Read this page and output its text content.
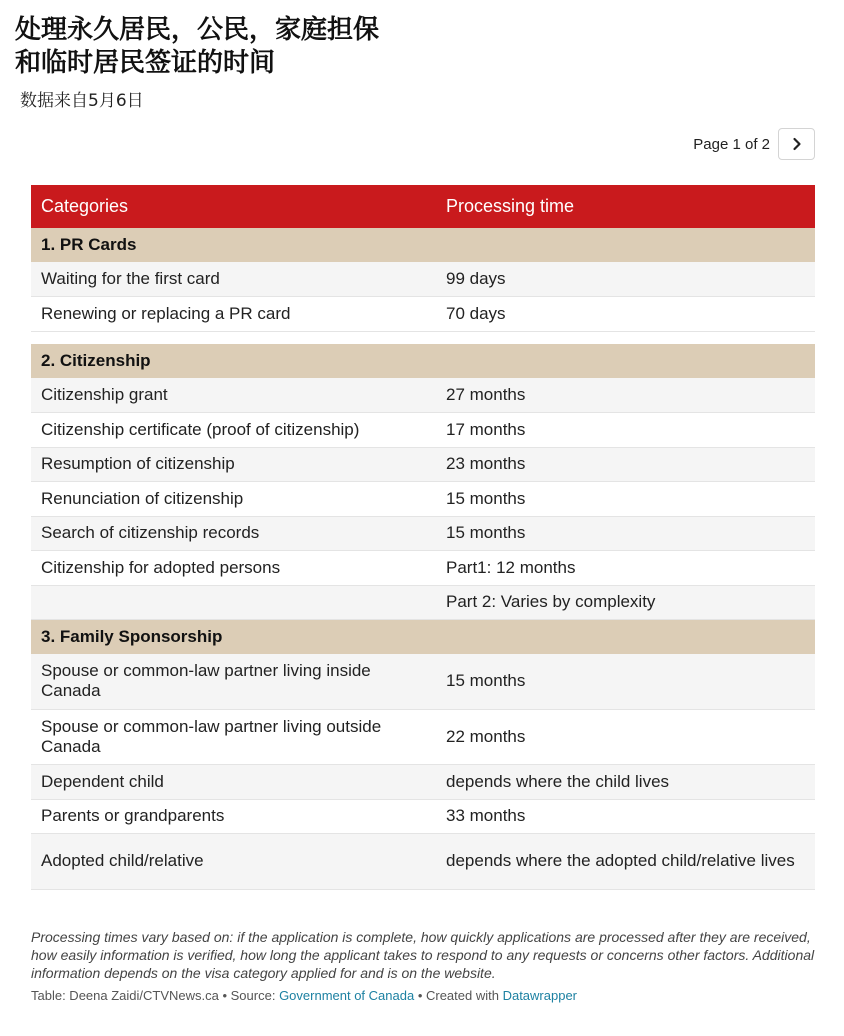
处理永久居民，公民，家庭担保
和临时居民签证的时间
数据来自5月6日
Page 1 of 2
Categories	Processing time
1. PR Cards	
Waiting for the first card	99 days
Renewing or replacing a PR card	70 days

2. Citizenship	
Citizenship grant	27 months
Citizenship certificate (proof of citizenship)	17 months
Resumption of citizenship	23 months
Renunciation of citizenship	15 months
Search of citizenship records	15 months
Citizenship for adopted persons	Part1: 12 months
	Part 2: Varies by complexity
3. Family Sponsorship	
Spouse or common-law partner living inside Canada	15 months
Spouse or common-law partner living outside Canada	22 months
Dependent child	depends where the child lives
Parents or grandparents	33 months
Adopted child/relative	depends where the adopted child/relative lives
Processing times vary based on: if the application is complete, how quickly applications are processed after they are received, how easily information is verified, how long the applicant takes to respond to any requests or concerns other factors. Additional information depends on the visa category applied for and is on the website.
Table: Deena Zaidi/CTVNews.ca • Source: Government of Canada • Created with Datawrapper
